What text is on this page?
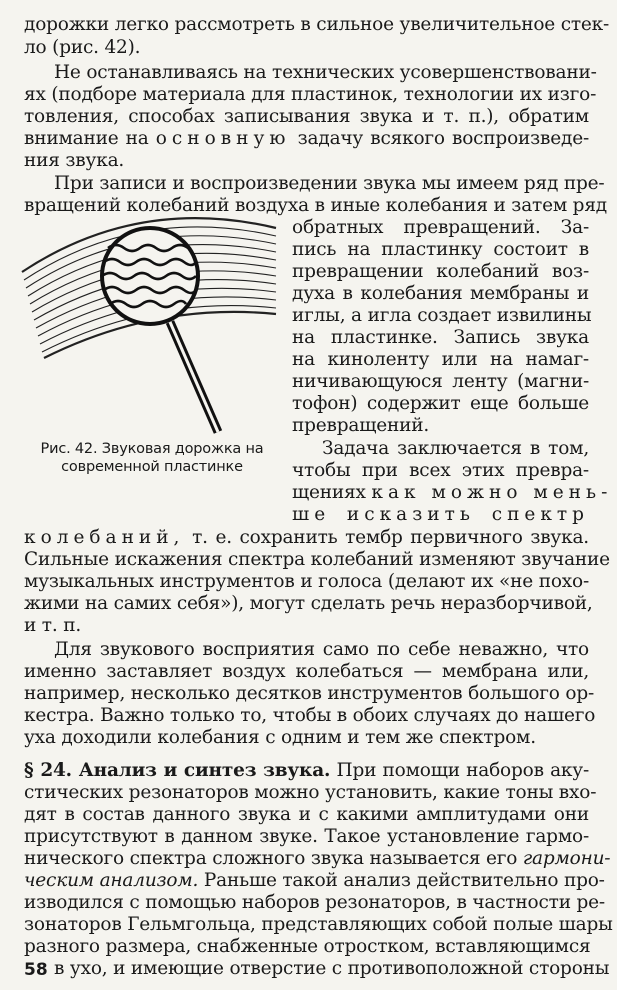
дорожки легко рассмотреть в сильное увеличительное стек-
ло (рис. 42).
Не останавливаясь на технических усовершенствовани-
ях (подборе материала для пластинок, технологии их изго-
товления, способах записывания звука и т. п.), обратим
внимание на основную задачу всякого воспроизведе-
ния звука.
При записи и воспроизведении звука мы имеем ряд пре-
вращений колебаний воздуха в иные колебания и затем ряд
обратных превращений. За-
пись на пластинку состоит в
превращении колебаний воз-
духа в колебания мембраны и
иглы, а игла создает извилины
на пластинке. Запись звука
на киноленту или на намаг-
ничивающуюся ленту (магни-
тофон) содержит еще больше
превращений.
Задача заключается в том,
чтобы при всех этих превра-
щениях как можно мень-
ше исказить спектр
колебаний, т. е. сохранить тембр первичного звука.
Сильные искажения спектра колебаний изменяют звучание
музыкальных инструментов и голоса (делают их «не похо-
жими на самих себя»), могут сделать речь неразборчивой,
и т. п.
Для звукового восприятия само по себе неважно, что
именно заставляет воздух колебаться — мембрана или,
например, несколько десятков инструментов большого ор-
кестра. Важно только то, чтобы в обоих случаях до нашего
уха доходили колебания с одним и тем же спектром.
§ 24. Анализ и синтез звука. При помощи наборов аку-
стических резонаторов можно установить, какие тоны вхо-
дят в состав данного звука и с какими амплитудами они
присутствуют в данном звуке. Такое установление гармо-
нического спектра сложного звука называется его гармони-
ческим анализом. Раньше такой анализ действительно про-
изводился с помощью наборов резонаторов, в частности ре-
зонаторов Гельмгольца, представляющих собой полые шары
разного размера, снабженные отростком, вставляющимся
в ухо, и имеющие отверстие с противоположной стороны
Рис. 42. Звуковая дорожка на
современной пластинке
58
